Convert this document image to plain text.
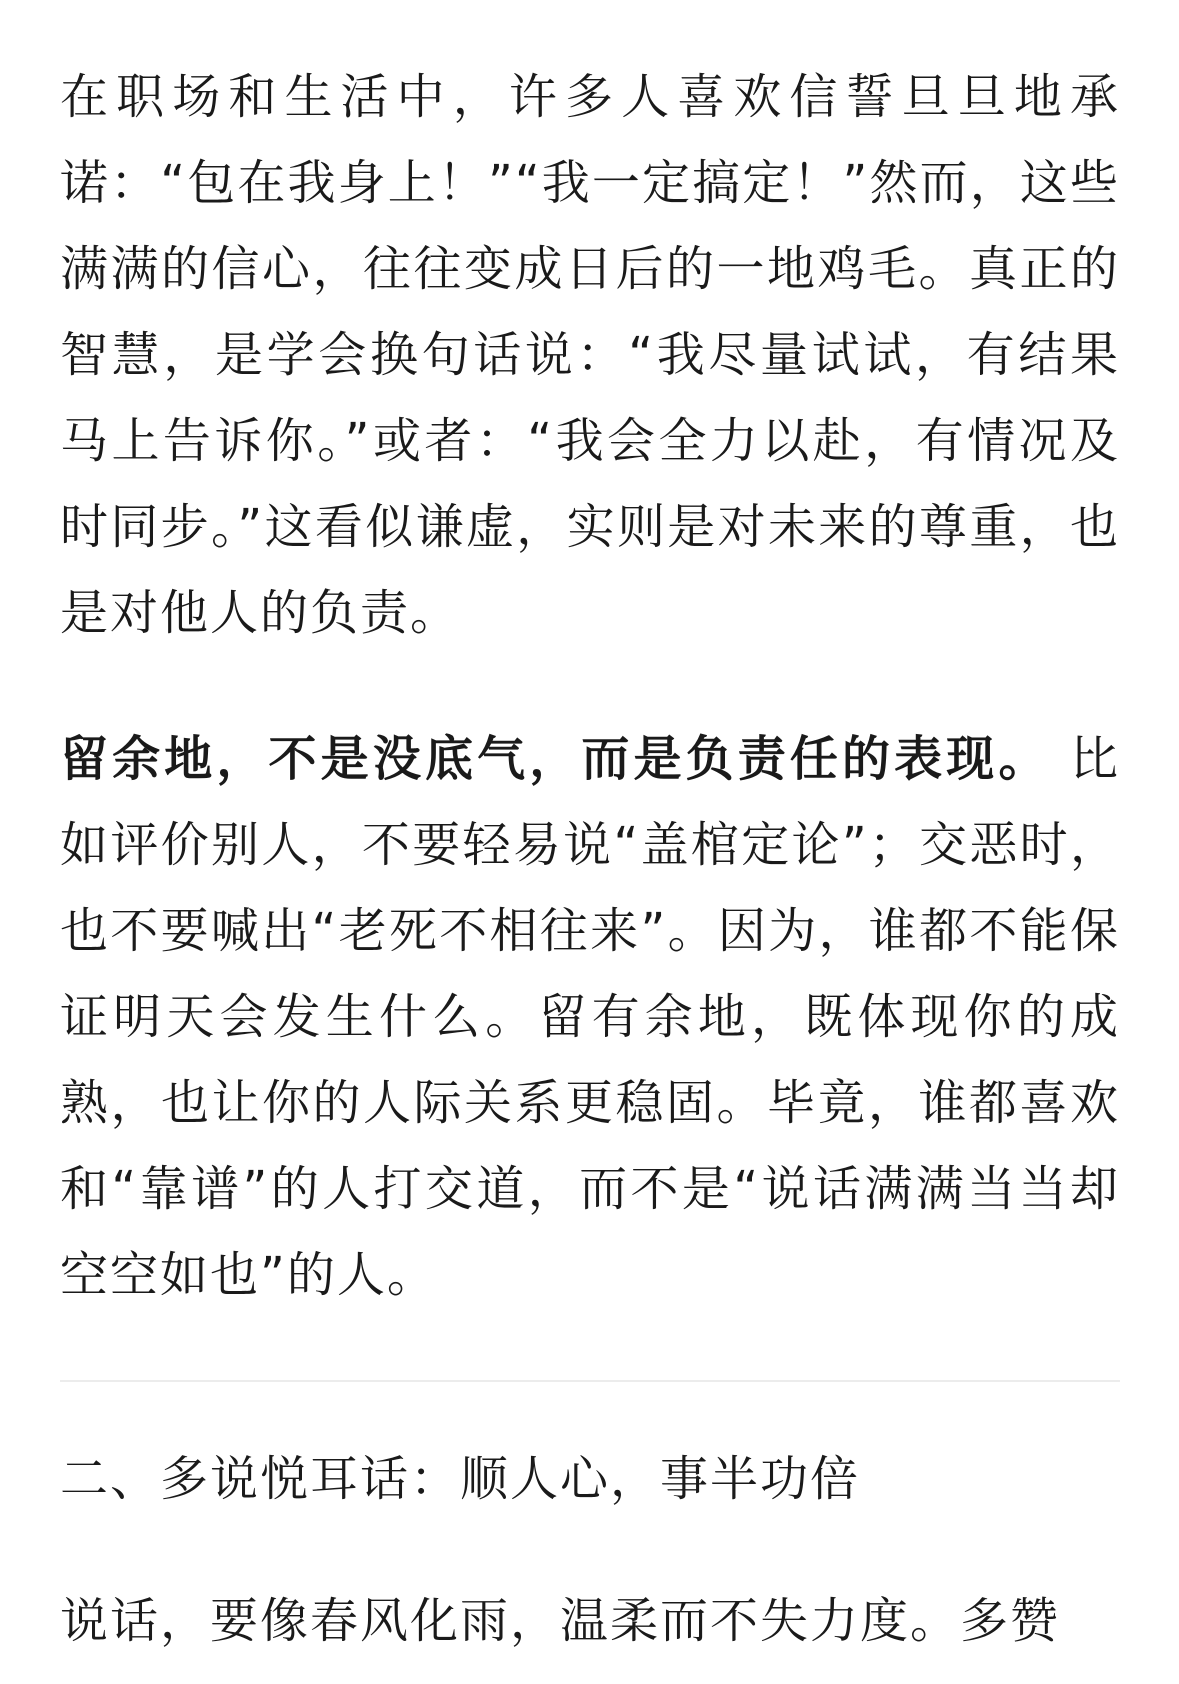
在职场和生活中，许多人喜欢信誓旦旦地承诺：“包在我身上！”“我一定搞定！”然而，这些满满的信心，往往变成日后的一地鸡毛。真正的智慧，是学会换句话说：“我尽量试试，有结果马上告诉你。”或者：“我会全力以赴，有情况及时同步。”这看似谦虚，实则是对未来的尊重，也是对他人的负责。

留余地，不是没底气，而是负责任的表现。 比如评价别人，不要轻易说“盖棺定论”；交恶时，也不要喊出“老死不相往来”。因为，谁都不能保证明天会发生什么。留有余地，既体现你的成熟，也让你的人际关系更稳固。毕竟，谁都喜欢和“靠谱”的人打交道，而不是“说话满满当当却空空如也”的人。

二、多说悦耳话：顺人心，事半功倍

说话，要像春风化雨，温柔而不失力度。多赞
